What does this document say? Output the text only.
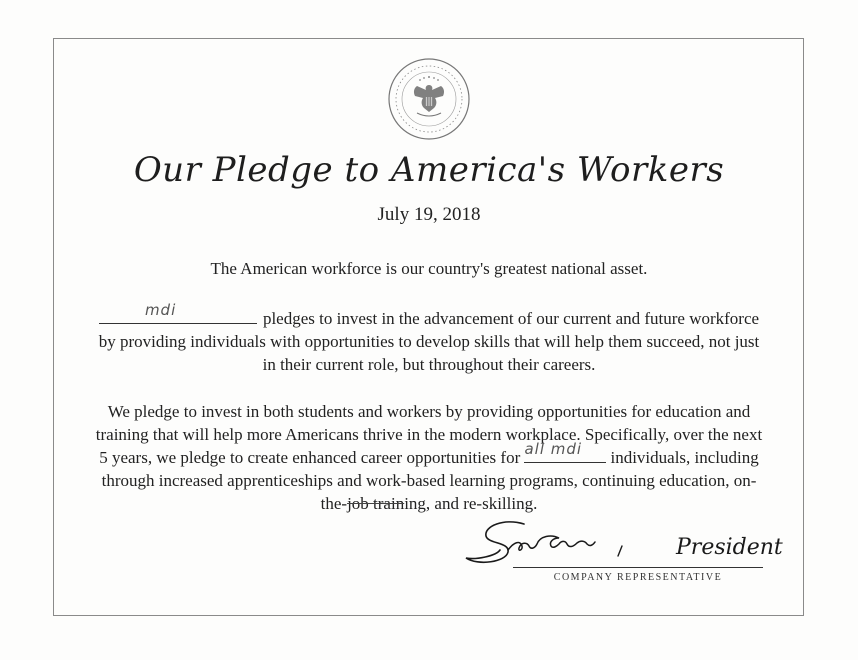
Our Pledge to America's Workers
July 19, 2018
The American workforce is our country's greatest national asset.
mdi	pledges to invest in the advancement of our current and future workforce by providing individuals with opportunities to develop skills that will help them succeed, not just in their current role, but throughout their careers.
We pledge to invest in both students and workers by providing opportunities for education and training that will help more Americans thrive in the modern workplace. Specifically, over the next 5 years, we pledge to create enhanced career opportunities for all mdi individuals, including through increased apprenticeships and work-based learning programs, continuing education, on-the-job training, and re-skilling.
President
COMPANY REPRESENTATIVE
